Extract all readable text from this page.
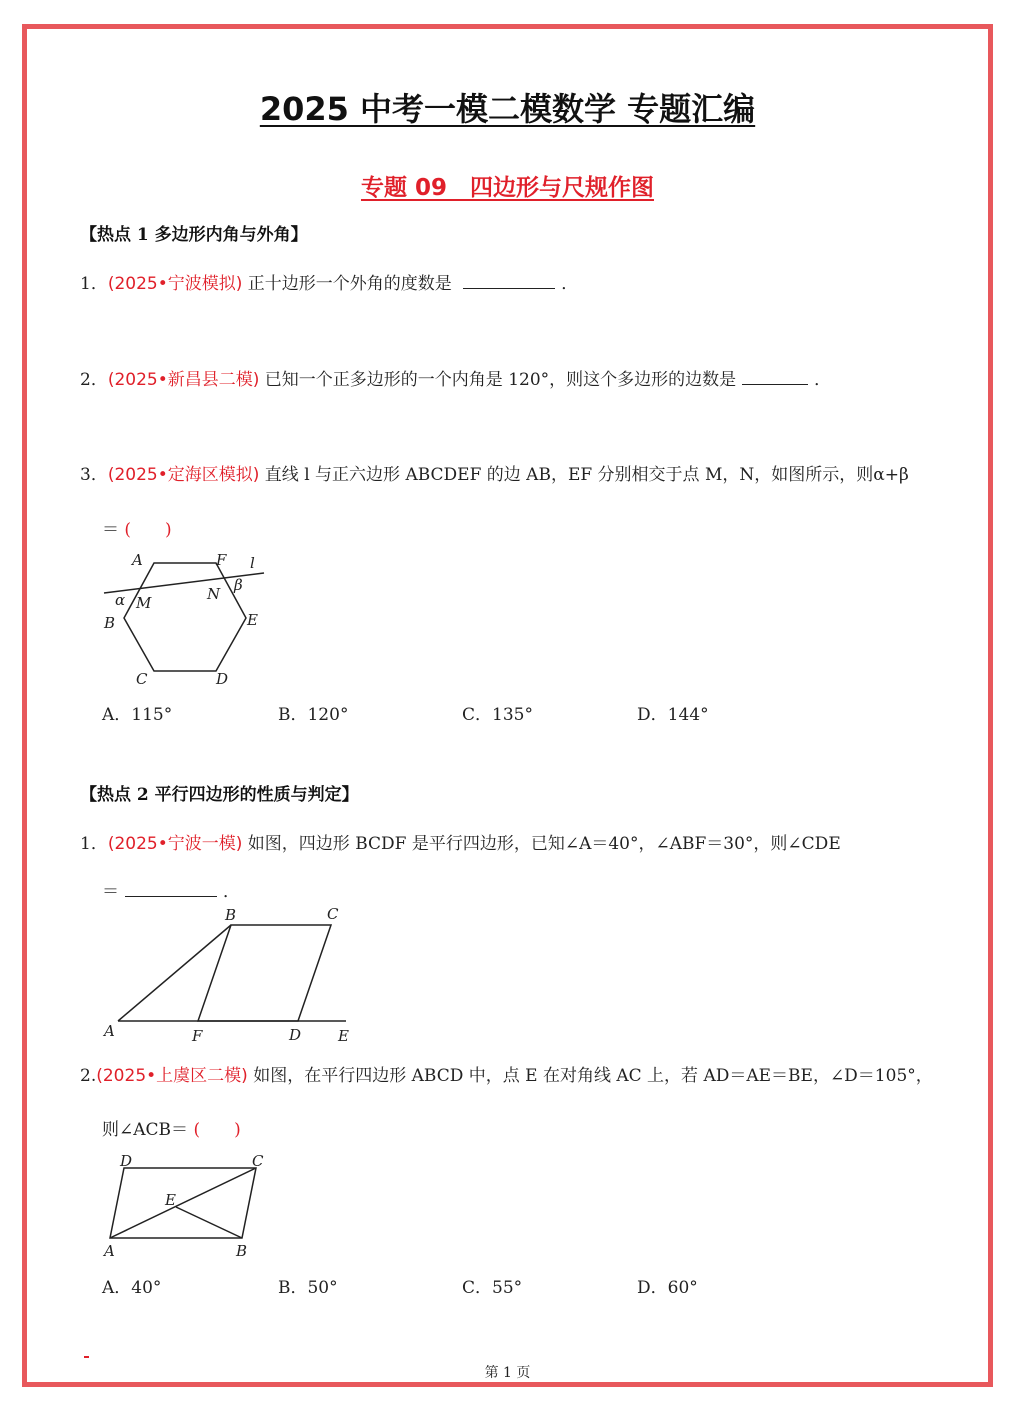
2025 中考一模二模数学 专题汇编
专题 09　四边形与尺规作图
【热点 1 多边形内角与外角】
1．(2025•宁波模拟) 正十边形一个外角的度数是	．
2．(2025•新昌县二模) 已知一个正多边形的一个内角是 120°，则这个多边形的边数是	．
3．(2025•定海区模拟) 直线 l 与正六边形 ABCDEF 的边 AB，EF 分别相交于点 M，N，如图所示，则α+β
＝ (　　)
A	F l
α M	N β
B	E
C	D
A．115°	B．120°	C．135°	D．144°
【热点 2 平行四边形的性质与判定】
1．(2025•宁波一模) 如图，四边形 BCDF 是平行四边形，已知∠A＝40°，∠ABF＝30°，则∠CDE
＝	．
B	C
A	F	D E
2.(2025•上虞区二模) 如图，在平行四边形 ABCD 中，点 E 在对角线 AC 上，若 AD＝AE＝BE，∠D＝105°，
则∠ACB＝ (　　)
D	C
E
A	B
A．40°	B．50°	C．55°	D．60°
第 1 页
